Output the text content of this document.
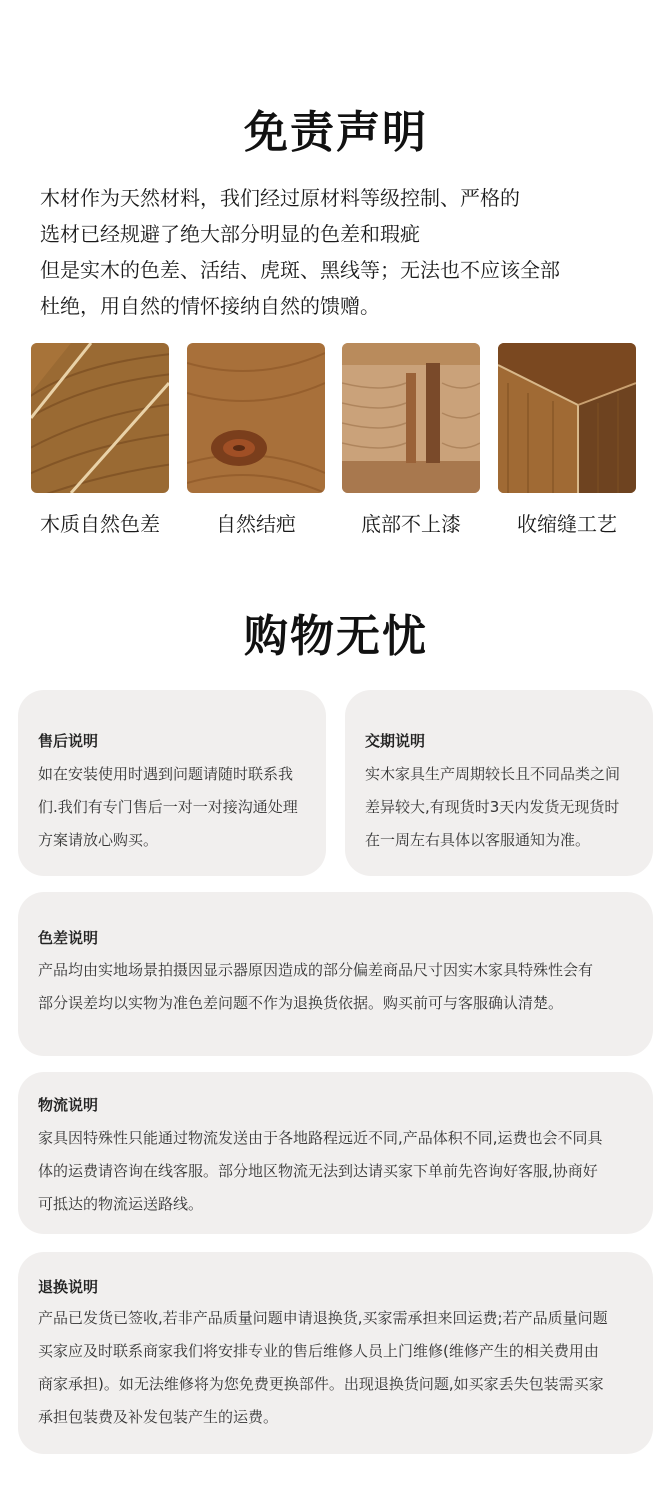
免责声明
木材作为天然材料，我们经过原材料等级控制、严格的
选材已经规避了绝大部分明显的色差和瑕疵
但是实木的色差、活结、虎斑、黑线等；无法也不应该全部
杜绝，用自然的情怀接纳自然的馈赠。
木质自然色差	自然结疤	底部不上漆	收缩缝工艺
购物无忧
售后说明
如在安装使用时遇到问题请随时联系我
们.我们有专门售后一对一对接沟通处理
方案请放心购买。
交期说明
实木家具生产周期较长且不同品类之间
差异较大,有现货时3天内发货无现货时
在一周左右具体以客服通知为准。
色差说明
产品均由实地场景拍摄因显示器原因造成的部分偏差商品尺寸因实木家具特殊性会有
部分误差均以实物为准色差问题不作为退换货依据。购买前可与客服确认清楚。
物流说明
家具因特殊性只能通过物流发送由于各地路程远近不同,产品体积不同,运费也会不同具
体的运费请咨询在线客服。部分地区物流无法到达请买家下单前先咨询好客服,协商好
可抵达的物流运送路线。
退换说明
产品已发货已签收,若非产品质量问题申请退换货,买家需承担来回运费;若产品质量问题
买家应及时联系商家我们将安排专业的售后维修人员上门维修(维修产生的相关费用由
商家承担)。如无法维修将为您免费更换部件。出现退换货问题,如买家丢失包装需买家
承担包装费及补发包装产生的运费。
